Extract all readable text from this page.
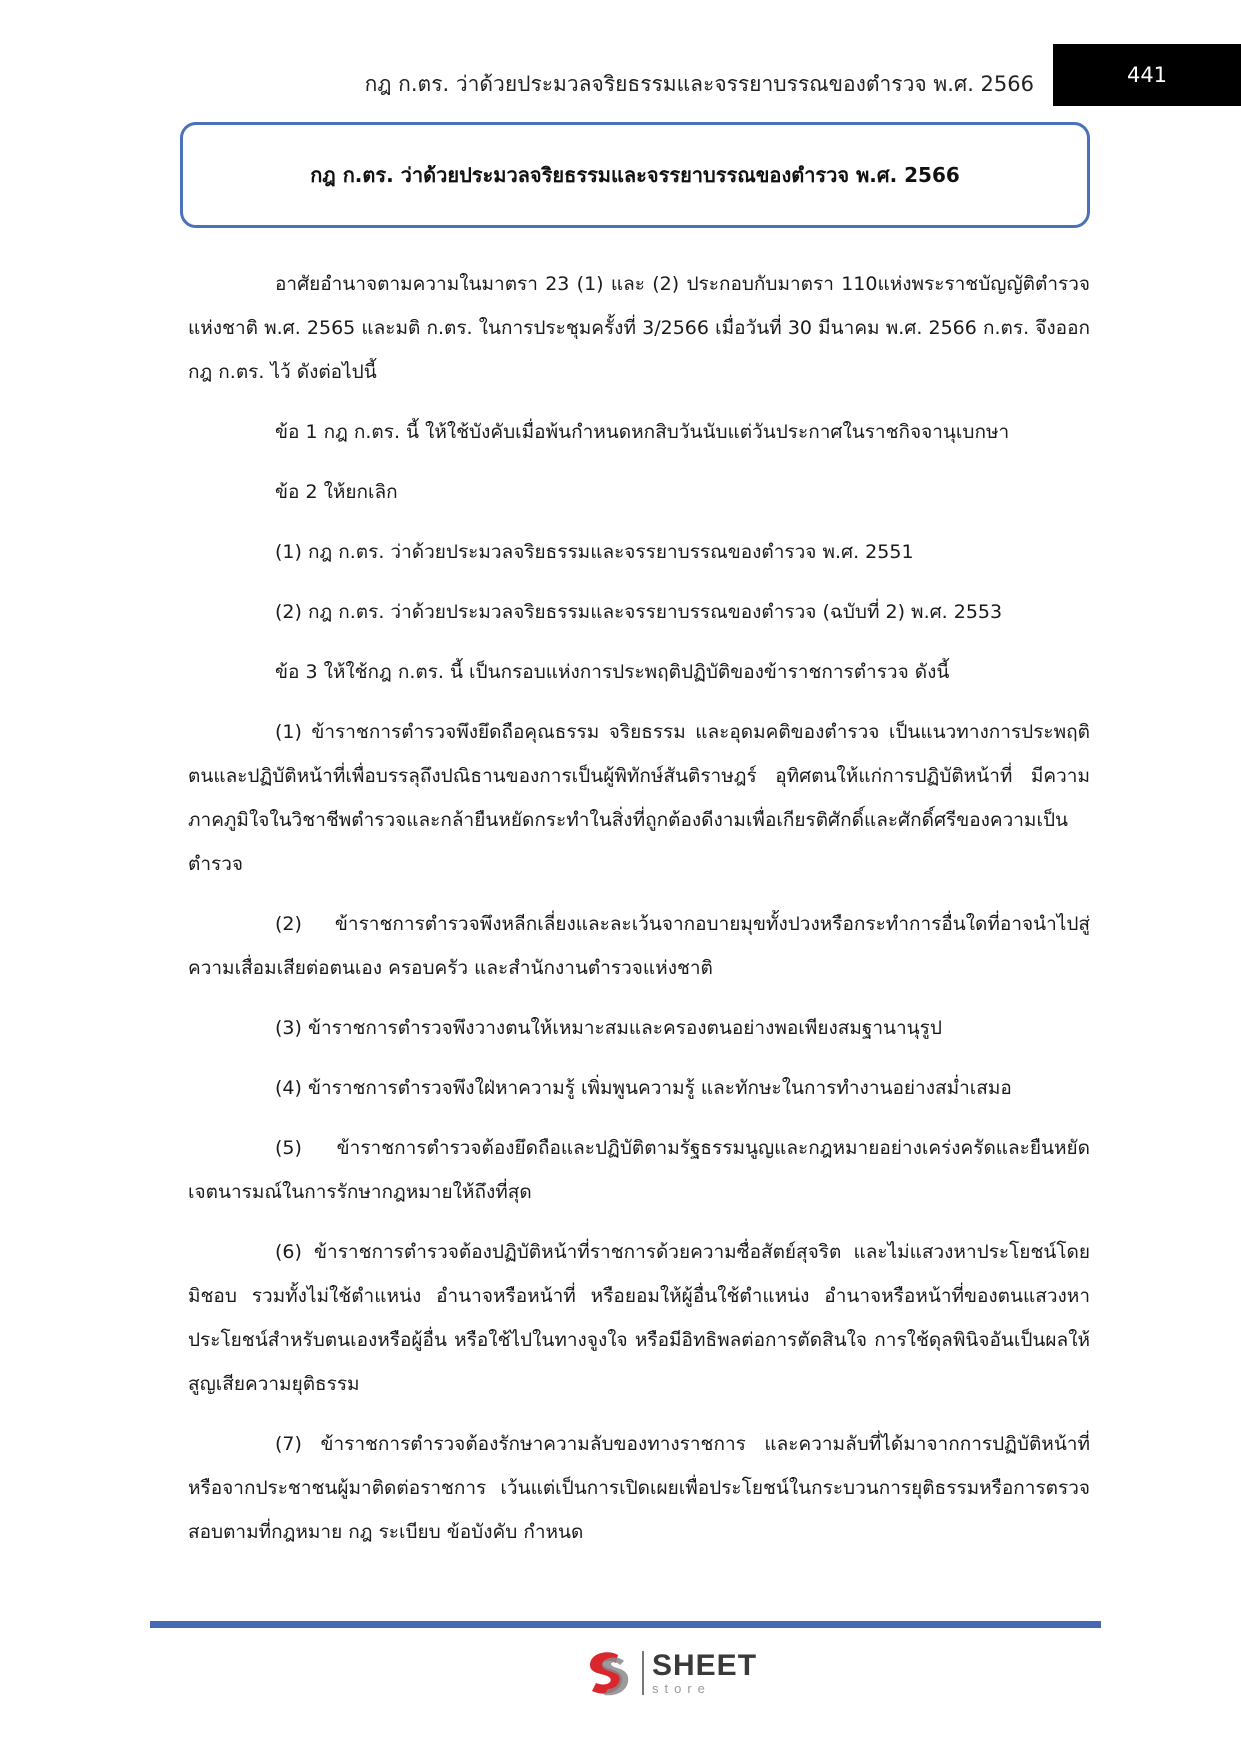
กฎ ก.ตร. ว่าด้วยประมวลจริยธรรมและจรรยาบรรณของตำรวจ พ.ศ. 2566	441
กฎ ก.ตร. ว่าด้วยประมวลจริยธรรมและจรรยาบรรณของตำรวจ พ.ศ. 2566

อาศัยอำนาจตามความในมาตรา 23 (1) และ (2) ประกอบกับมาตรา 110แห่งพระราชบัญญัติตำรวจแห่งชาติ พ.ศ. 2565 และมติ ก.ตร. ในการประชุมครั้งที่ 3/2566 เมื่อวันที่ 30 มีนาคม พ.ศ. 2566 ก.ตร. จึงออกกฎ ก.ตร. ไว้ ดังต่อไปนี้

ข้อ 1 กฎ ก.ตร. นี้ ให้ใช้บังคับเมื่อพ้นกำหนดหกสิบวันนับแต่วันประกาศในราชกิจจานุเบกษา

ข้อ 2 ให้ยกเลิก

(1) กฎ ก.ตร. ว่าด้วยประมวลจริยธรรมและจรรยาบรรณของตำรวจ พ.ศ. 2551

(2) กฎ ก.ตร. ว่าด้วยประมวลจริยธรรมและจรรยาบรรณของตำรวจ (ฉบับที่ 2) พ.ศ. 2553

ข้อ 3 ให้ใช้กฎ ก.ตร. นี้ เป็นกรอบแห่งการประพฤติปฏิบัติของข้าราชการตำรวจ ดังนี้

(1) ข้าราชการตำรวจพึงยึดถือคุณธรรม จริยธรรม และอุดมคติของตำรวจ เป็นแนวทางการประพฤติตนและปฏิบัติหน้าที่เพื่อบรรลุถึงปณิธานของการเป็นผู้พิทักษ์สันติราษฎร์ อุทิศตนให้แก่การปฏิบัติหน้าที่ มีความภาคภูมิใจในวิชาชีพตำรวจและกล้ายืนหยัดกระทำในสิ่งที่ถูกต้องดีงามเพื่อเกียรติศักดิ์และศักดิ์ศรีของความเป็นตำรวจ

(2) ข้าราชการตำรวจพึงหลีกเลี่ยงและละเว้นจากอบายมุขทั้งปวงหรือกระทำการอื่นใดที่อาจนำไปสู่ความเสื่อมเสียต่อตนเอง ครอบครัว และสำนักงานตำรวจแห่งชาติ

(3) ข้าราชการตำรวจพึงวางตนให้เหมาะสมและครองตนอย่างพอเพียงสมฐานานุรูป

(4) ข้าราชการตำรวจพึงใฝ่หาความรู้ เพิ่มพูนความรู้ และทักษะในการทำงานอย่างสม่ำเสมอ

(5) ข้าราชการตำรวจต้องยึดถือและปฏิบัติตามรัฐธรรมนูญและกฎหมายอย่างเคร่งครัดและยืนหยัดเจตนารมณ์ในการรักษากฎหมายให้ถึงที่สุด

(6) ข้าราชการตำรวจต้องปฏิบัติหน้าที่ราชการด้วยความซื่อสัตย์สุจริต และไม่แสวงหาประโยชน์โดยมิชอบ รวมทั้งไม่ใช้ตำแหน่ง อำนาจหรือหน้าที่ หรือยอมให้ผู้อื่นใช้ตำแหน่ง อำนาจหรือหน้าที่ของตนแสวงหาประโยชน์สำหรับตนเองหรือผู้อื่น หรือใช้ไปในทางจูงใจ หรือมีอิทธิพลต่อการตัดสินใจ การใช้ดุลพินิจอันเป็นผลให้สูญเสียความยุติธรรม

(7) ข้าราชการตำรวจต้องรักษาความลับของทางราชการ และความลับที่ได้มาจากการปฏิบัติหน้าที่หรือจากประชาชนผู้มาติดต่อราชการ เว้นแต่เป็นการเปิดเผยเพื่อประโยชน์ในกระบวนการยุติธรรมหรือการตรวจสอบตามที่กฎหมาย กฎ ระเบียบ ข้อบังคับ กำหนด

SHEET
store
